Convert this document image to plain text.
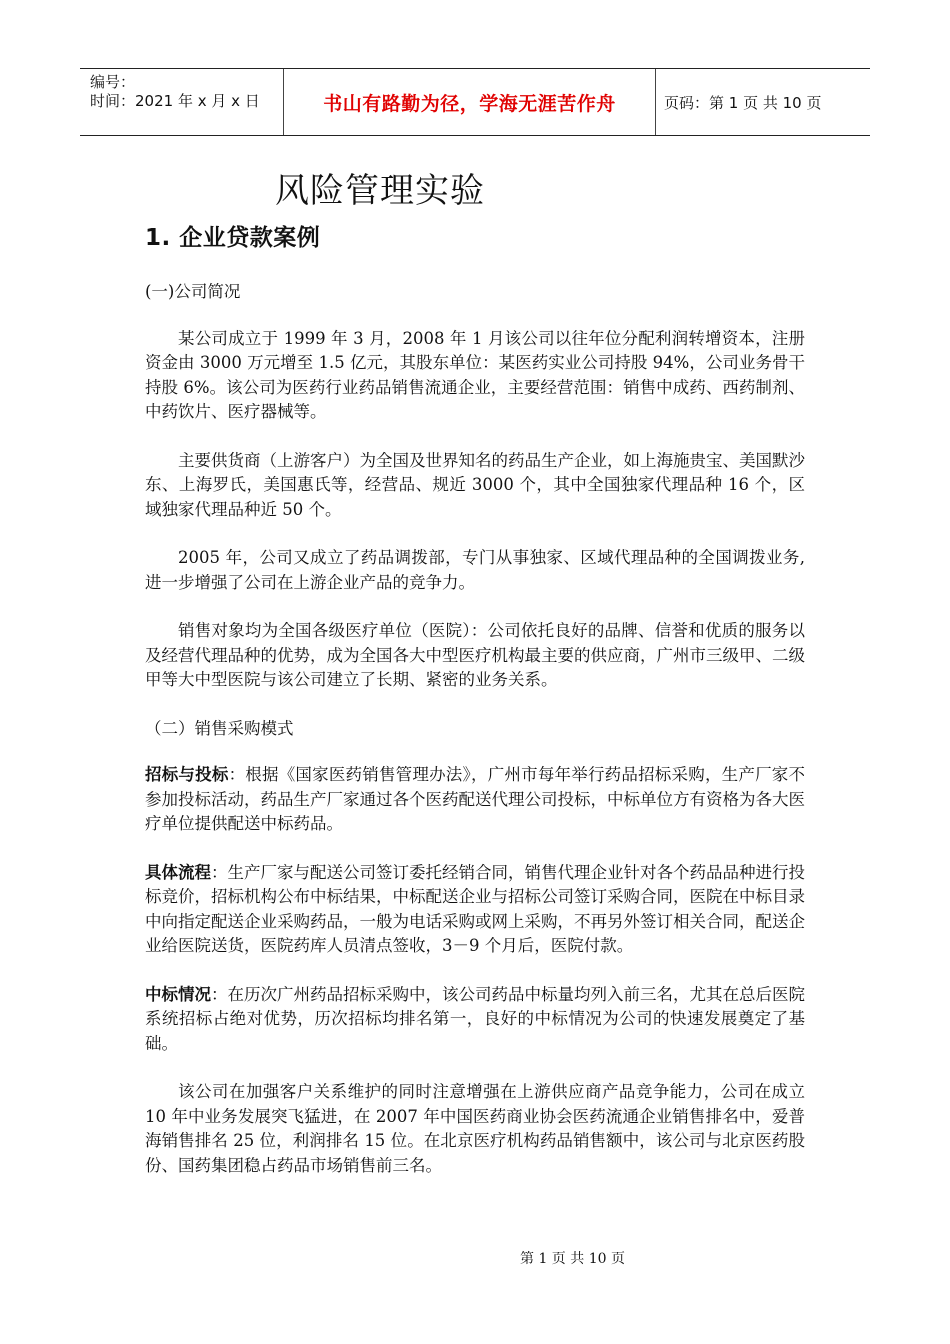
编号：
时间：2021 年 x 月 x 日	书山有路勤为径，学海无涯苦作舟	页码：第 1 页 共 10 页
风险管理实验
1. 企业贷款案例

(一)公司简况

某公司成立于 1999 年 3 月，2008 年 1 月该公司以往年位分配利润转增资本，注册资金由 3000 万元增至 1.5 亿元，其股东单位：某医药实业公司持股 94%，公司业务骨干持股 6%。该公司为医药行业药品销售流通企业，主要经营范围：销售中成药、西药制剂、中药饮片、医疗器械等。

主要供货商（上游客户）为全国及世界知名的药品生产企业，如上海施贵宝、美国默沙东、上海罗氏，美国惠氏等，经营品、规近 3000 个，其中全国独家代理品种 16 个，区域独家代理品种近 50 个。

2005 年，公司又成立了药品调拨部，专门从事独家、区域代理品种的全国调拨业务,进一步增强了公司在上游企业产品的竞争力。

销售对象均为全国各级医疗单位（医院）：公司依托良好的品牌、信誉和优质的服务以及经营代理品种的优势，成为全国各大中型医疗机构最主要的供应商，广州市三级甲、二级甲等大中型医院与该公司建立了长期、紧密的业务关系。

（二）销售采购模式

招标与投标：根据《国家医药销售管理办法》，广州市每年举行药品招标采购，生产厂家不参加投标活动，药品生产厂家通过各个医药配送代理公司投标，中标单位方有资格为各大医疗单位提供配送中标药品。

具体流程：生产厂家与配送公司签订委托经销合同，销售代理企业针对各个药品品种进行投标竞价，招标机构公布中标结果，中标配送企业与招标公司签订采购合同，医院在中标目录中向指定配送企业采购药品，一般为电话采购或网上采购，不再另外签订相关合同，配送企业给医院送货，医院药库人员清点签收，3－9 个月后，医院付款。

中标情况：在历次广州药品招标采购中，该公司药品中标量均列入前三名，尤其在总后医院系统招标占绝对优势，历次招标均排名第一，良好的中标情况为公司的快速发展奠定了基础。

该公司在加强客户关系维护的同时注意增强在上游供应商产品竞争能力，公司在成立 10 年中业务发展突飞猛进，在 2007 年中国医药商业协会医药流通企业销售排名中，爱普海销售排名 25 位，利润排名 15 位。在北京医疗机构药品销售额中，该公司与北京医药股份、国药集团稳占药品市场销售前三名。

第 1 页 共 10 页
